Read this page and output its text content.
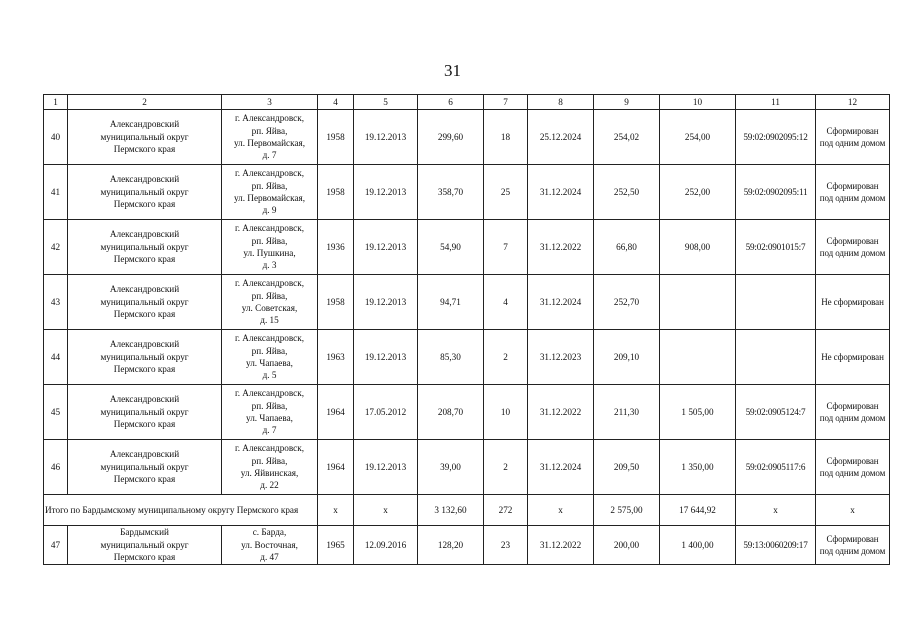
31
1	2	3	4	5	6	7	8	9	10	11	12
40	Александровский
муниципальный округ
Пермского края	г. Александровск,
рп. Яйва,
ул. Первомайская,
д. 7	1958	19.12.2013	299,60	18	25.12.2024	254,02	254,00	59:02:0902095:12	Сформирован
под одним домом

41	Александровский
муниципальный округ
Пермского края	г. Александровск,
рп. Яйва,
ул. Первомайская,
д. 9	1958	19.12.2013	358,70	25	31.12.2024	252,50	252,00	59:02:0902095:11	Сформирован
под одним домом

42	Александровский
муниципальный округ
Пермского края	г. Александровск,
рп. Яйва,
ул. Пушкина,
д. 3	1936	19.12.2013	54,90	7	31.12.2022	66,80	908,00	59:02:0901015:7	Сформирован
под одним домом

43	Александровский
муниципальный округ
Пермского края	г. Александровск,
рп. Яйва,
ул. Советская,
д. 15	1958	19.12.2013	94,71	4	31.12.2024	252,70			Не сформирован

44	Александровский
муниципальный округ
Пермского края	г. Александровск,
рп. Яйва,
ул. Чапаева,
д. 5	1963	19.12.2013	85,30	2	31.12.2023	209,10			Не сформирован

45	Александровский
муниципальный округ
Пермского края	г. Александровск,
рп. Яйва,
ул. Чапаева,
д. 7	1964	17.05.2012	208,70	10	31.12.2022	211,30	1 505,00	59:02:0905124:7	Сформирован
под одним домом

46	Александровский
муниципальный округ
Пермского края	г. Александровск,
рп. Яйва,
ул. Яйвинская,
д. 22	1964	19.12.2013	39,00	2	31.12.2024	209,50	1 350,00	59:02:0905117:6	Сформирован
под одним домом

Итого по Бардымскому муниципальному округу Пермского края			х	х	3 132,60	272	х	2 575,00	17 644,92	х	х
47	Бардымский
муниципальный округ
Пермского края	с. Барда,
ул. Восточная,
д. 47	1965	12.09.2016	128,20	23	31.12.2022	200,00	1 400,00	59:13:0060209:17	Сформирован
под одним домом
